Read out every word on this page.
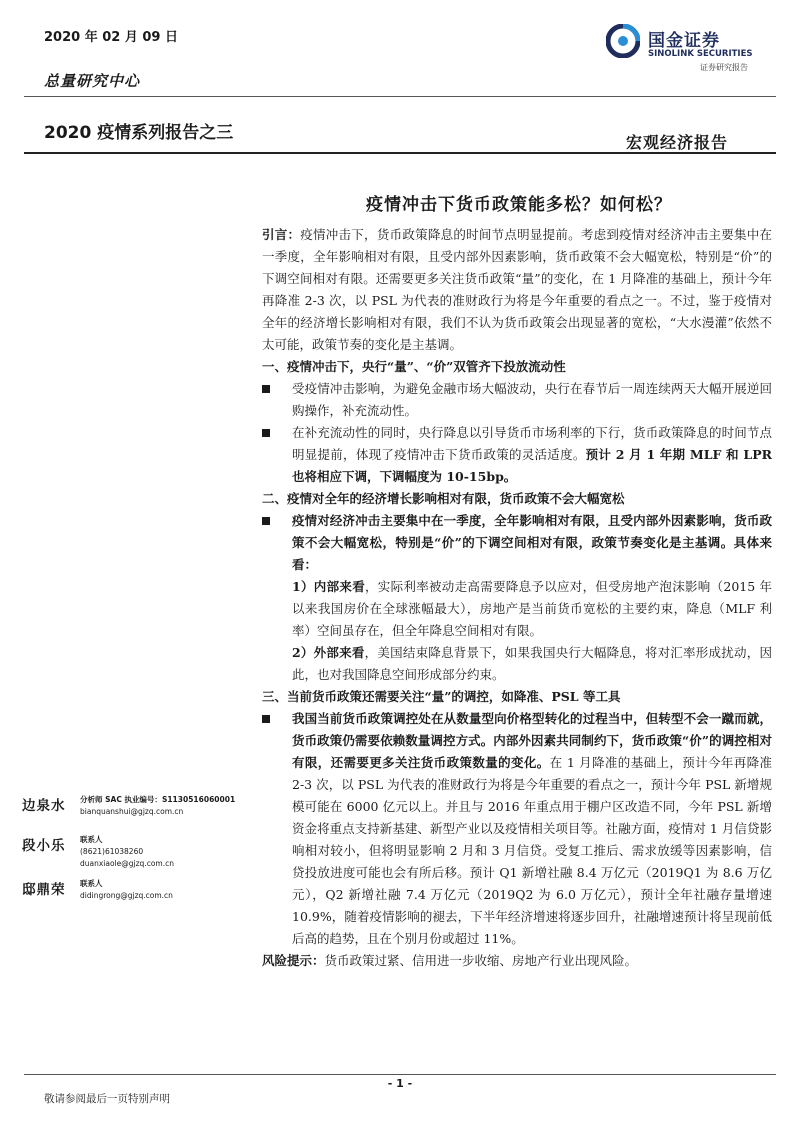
2020 年 02 月 09 日	国金证券
SINOLINK SECURITIES
证券研究报告
总量研究中心
2020 疫情系列报告之三	宏观经济报告
疫情冲击下货币政策能多松？如何松？

引言：疫情冲击下，货币政策降息的时间节点明显提前。考虑到疫情对经济冲击主要集中在一季度，全年影响相对有限，且受内部外因素影响，货币政策不会大幅宽松，特别是“价”的下调空间相对有限。还需要更多关注货币政策“量”的变化，在 1 月降准的基础上，预计今年再降准 2-3 次，以 PSL 为代表的准财政行为将是今年重要的看点之一。不过，鉴于疫情对全年的经济增长影响相对有限，我们不认为货币政策会出现显著的宽松，“大水漫灌”依然不太可能，政策节奏的变化是主基调。

一、疫情冲击下，央行“量”、“价”双管齐下投放流动性

受疫情冲击影响，为避免金融市场大幅波动，央行在春节后一周连续两天大幅开展逆回购操作，补充流动性。
在补充流动性的同时，央行降息以引导货币市场利率的下行，货币政策降息的时间节点明显提前，体现了疫情冲击下货币政策的灵活适度。预计 2 月 1 年期 MLF 和 LPR 也将相应下调，下调幅度为 10-15bp。

二、疫情对全年的经济增长影响相对有限，货币政策不会大幅宽松

疫情对经济冲击主要集中在一季度，全年影响相对有限，且受内部外因素影响，货币政策不会大幅宽松，特别是“价”的下调空间相对有限，政策节奏变化是主基调。具体来看：
1）内部来看，实际利率被动走高需要降息予以应对，但受房地产泡沫影响（2015 年以来我国房价在全球涨幅最大），房地产是当前货币宽松的主要约束，降息（MLF 利率）空间虽存在，但全年降息空间相对有限。
2）外部来看，美国结束降息背景下，如果我国央行大幅降息，将对汇率形成扰动，因此，也对我国降息空间形成部分约束。

三、当前货币政策还需要关注“量”的调控，如降准、PSL 等工具

我国当前货币政策调控处在从数量型向价格型转化的过程当中，但转型不会一蹴而就，货币政策仍需要依赖数量调控方式。内部外因素共同制约下，货币政策“价”的调控相对有限，还需要更多关注货币政策数量的变化。在 1 月降准的基础上，预计今年再降准 2-3 次，以 PSL 为代表的准财政行为将是今年重要的看点之一，预计今年 PSL 新增规模可能在 6000 亿元以上。并且与 2016 年重点用于棚户区改造不同，今年 PSL 新增资金将重点支持新基建、新型产业以及疫情相关项目等。社融方面，疫情对 1 月信贷影响相对较小，但将明显影响 2 月和 3 月信贷。受复工推后、需求放缓等因素影响，信贷投放进度可能也会有所后移。预计 Q1 新增社融 8.4 万亿元（2019Q1 为 8.6 万亿元），Q2 新增社融 7.4 万亿元（2019Q2 为 6.0 万亿元），预计全年社融存量增速 10.9%，随着疫情影响的褪去，下半年经济增速将逐步回升，社融增速预计将呈现前低后高的趋势，且在个别月份或超过 11%。

风险提示：货币政策过紧、信用进一步收缩、房地产行业出现风险。

边泉水 分析师 SAC 执业编号：S1130516060001
bianquanshui@gjzq.com.cn
段小乐 联系人
(8621)61038260
duanxiaole@gjzq.com.cn
邸鼎荣 联系人
didingrong@gjzq.com.cn
- 1 -
敬请参阅最后一页特别声明
